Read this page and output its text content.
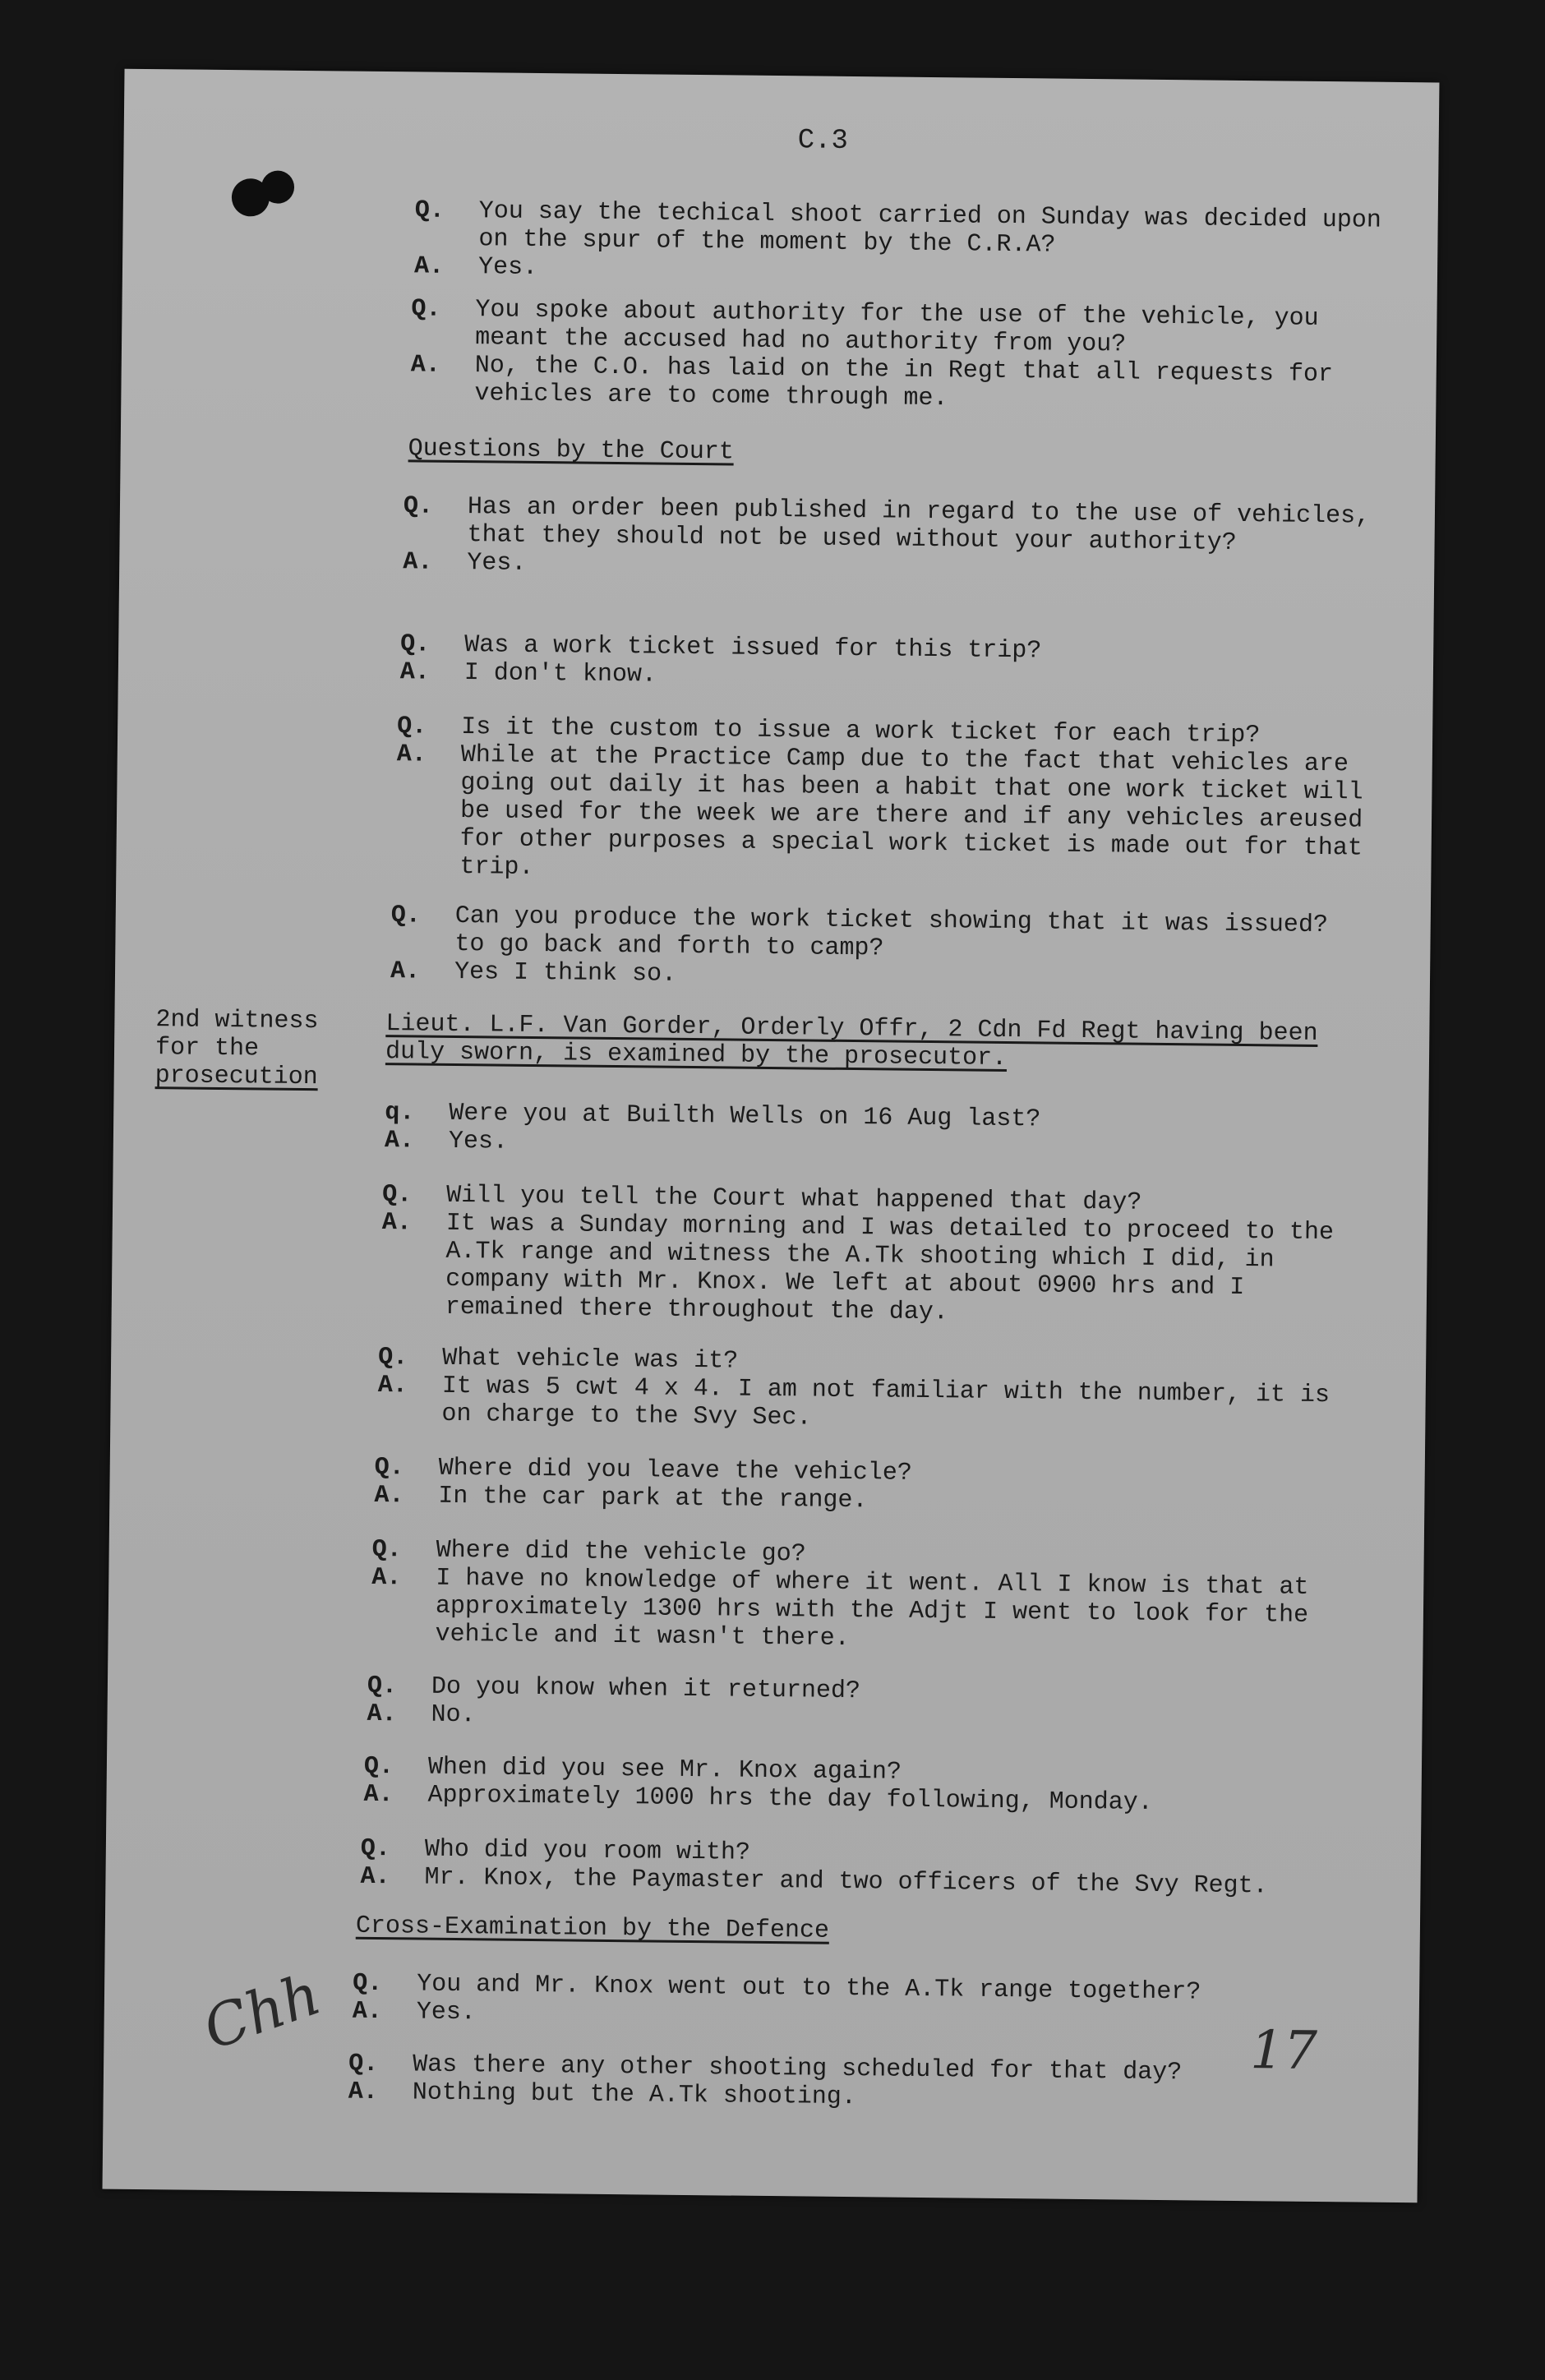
C.3
Q.	You say the techical shoot carried on Sunday was decided upon on the spur of the moment by the C.R.A?
A.	Yes.
Q.	You spoke about authority for the use of the vehicle, you meant the accused had no authority from you?
A.	No, the C.O. has laid on the in Regt that all requests for vehicles are to come through me.
Questions by the Court
Q.	Has an order been published in regard to the use of vehicles, that they should not be used without your authority?
A.	Yes.
Q.	Was a work ticket issued for this trip?
A.	I don't know.
Q.	Is it the custom to issue a work ticket for each trip?
A.	While at the Practice Camp due to the fact that vehicles are going out daily it has been a habit that one work ticket will be used for the week we are there and if any vehicles areused for other purposes a special work ticket is made out for that trip.
Q.	Can you produce the work ticket showing that it was issued? to go back and forth to camp?
A.	Yes I think so.
2nd witness
for the
prosecution
Lieut. L.F. Van Gorder, Orderly Offr, 2 Cdn Fd Regt having been duly sworn, is examined by the prosecutor.
q.	Were you at Builth Wells on 16 Aug last?
A.	Yes.
Q.	Will you tell the Court what happened that day?
A.	It was a Sunday morning and I was detailed to proceed to the A.Tk range and witness the A.Tk shooting which I did, in company with Mr. Knox. We left at about 0900 hrs and I remained there throughout the day.
Q.	What vehicle was it?
A.	It was 5 cwt 4 x 4. I am not familiar with the number, it is on charge to the Svy Sec.
Q.	Where did you leave the vehicle?
A.	In the car park at the range.
Q.	Where did the vehicle go?
A.	I have no knowledge of where it went. All I know is that at approximately 1300 hrs with the Adjt I went to look for the vehicle and it wasn't there.
Q.	Do you know when it returned?
A.	No.
Q.	When did you see Mr. Knox again?
A.	Approximately 1000 hrs the day following, Monday.
Q.	Who did you room with?
A.	Mr. Knox, the Paymaster and two officers of the Svy Regt.
Cross-Examination by the Defence
Q.	You and Mr. Knox went out to the A.Tk range together?
A.	Yes.
Q.	Was there any other shooting scheduled for that day?
A.	Nothing but the A.Tk shooting.
Chh	17
